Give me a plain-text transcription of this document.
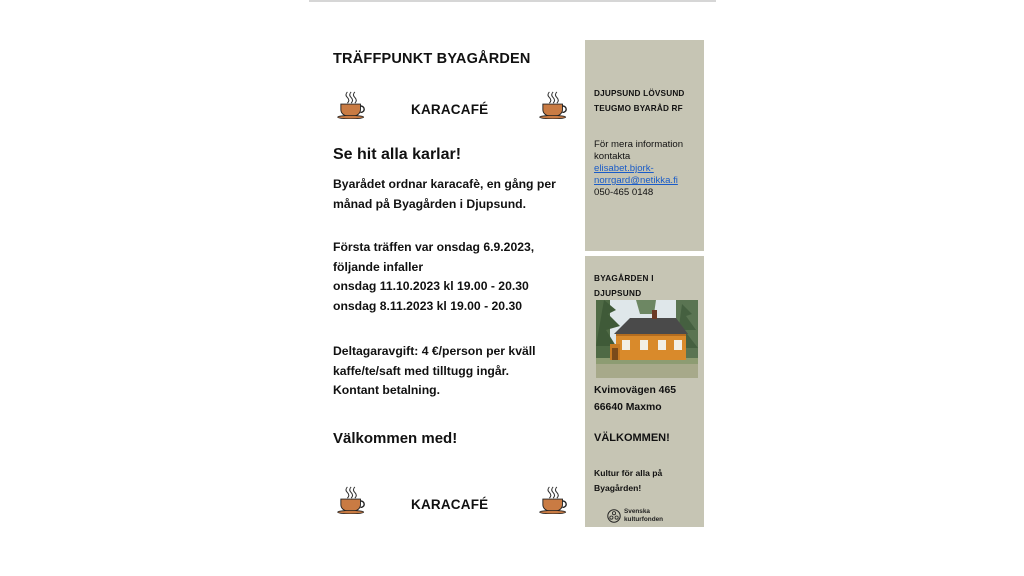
TRÄFFPUNKT BYAGÅRDEN
KARACAFÉ
Se hit alla karlar!
Byarådet ordnar karacafè, en gång per
månad på Byagården i Djupsund.
Första träffen var onsdag 6.9.2023,
följande infaller
onsdag 11.10.2023 kl 19.00 - 20.30
onsdag 8.11.2023 kl 19.00 - 20.30
Deltagaravgift: 4 €/person per kväll
kaffe/te/saft med tilltugg ingår.
Kontant betalning.
Välkommen med!
KARACAFÉ
DJUPSUND LÖVSUND
TEUGMO BYARÅD RF
För mera information
kontakta
elisabet.bjork-
norrgard@netikka.fi
050-465 0148
BYAGÅRDEN I
DJUPSUND
Kvimovägen 465
66640 Maxmo
VÄLKOMMEN!
Kultur för alla på
Byagården!
Svenska
kulturfonden
